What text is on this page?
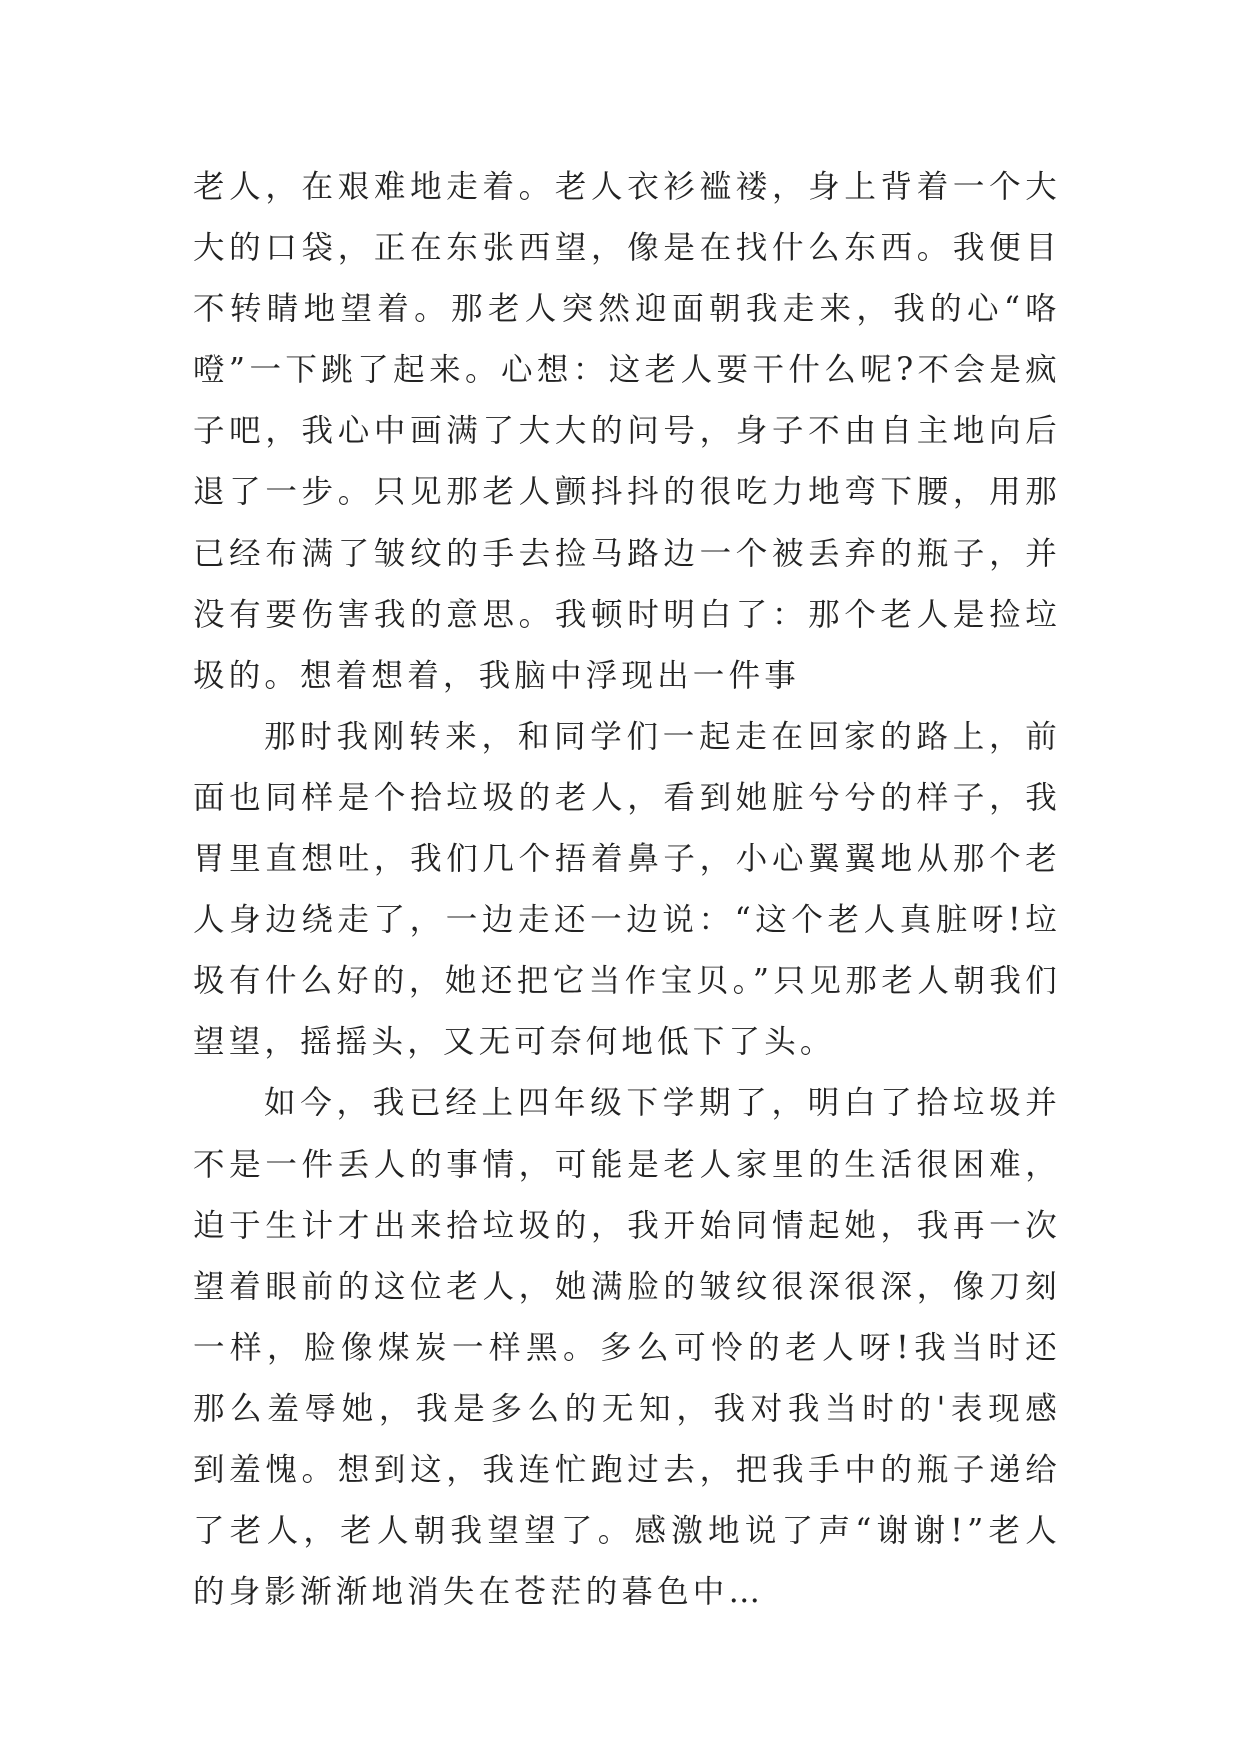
老人，在艰难地走着。老人衣衫褴褛，身上背着一个大大的口袋，正在东张西望，像是在找什么东西。我便目不转睛地望着。那老人突然迎面朝我走来，我的心“咯噔”一下跳了起来。心想：这老人要干什么呢?不会是疯子吧，我心中画满了大大的问号，身子不由自主地向后退了一步。只见那老人颤抖抖的很吃力地弯下腰，用那已经布满了皱纹的手去捡马路边一个被丢弃的瓶子，并没有要伤害我的意思。我顿时明白了：那个老人是捡垃圾的。想着想着，我脑中浮现出一件事

那时我刚转来，和同学们一起走在回家的路上，前面也同样是个拾垃圾的老人，看到她脏兮兮的样子，我胃里直想吐，我们几个捂着鼻子，小心翼翼地从那个老人身边绕走了，一边走还一边说：“这个老人真脏呀!垃圾有什么好的，她还把它当作宝贝。”只见那老人朝我们望望，摇摇头，又无可奈何地低下了头。

如今，我已经上四年级下学期了，明白了拾垃圾并不是一件丢人的事情，可能是老人家里的生活很困难，迫于生计才出来拾垃圾的，我开始同情起她，我再一次望着眼前的这位老人，她满脸的皱纹很深很深，像刀刻一样，脸像煤炭一样黑。多么可怜的老人呀!我当时还那么羞辱她，我是多么的无知，我对我当时的'表现感到羞愧。想到这，我连忙跑过去，把我手中的瓶子递给了老人，老人朝我望望了。感激地说了声“谢谢!”老人的身影渐渐地消失在苍茫的暮色中…
